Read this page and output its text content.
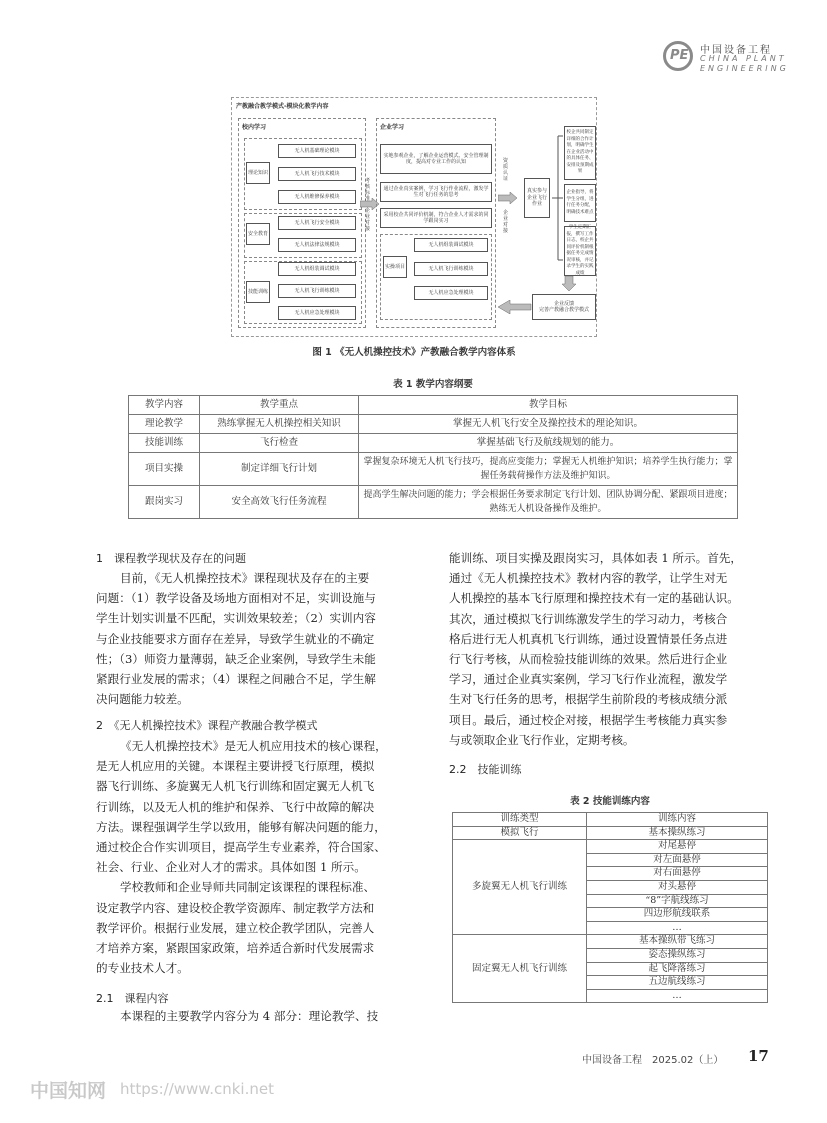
PE 中国设备工程
CHINA PLANT ENGINEERING
产教融合教学模式-模块化教学内容
校内学习
理论知识
无人机基础理论模块
无人机飞行技术模块
无人机维修保养模块
安全教育
无人机飞行安全模块
无人机法律法规模块
技能训练
无人机组装调试模块
无人机飞行训练模块
无人机应急处理模块
考核标准
企业对接
企业学习
实地参观企业，了解企业运营模式、安全管理制度，提高对专业工作的认知
通过企业真实案例，学习飞行作业流程，激发学生对飞行任务的思考
采用校企共同评价机制，符合企业人才需求的同学跟岗实习
实操项目
无人机组装调试模块
无人机飞行训练模块
无人机应急处理模块
资质认证
企业对接
真实参与企业飞行作业
校企共同制定详细的合作计划，明确学生在企业活动中的具体任务、安排及预期成果
企业指导，将学生分组，进行任务分配，明确技术难点
学生定期汇报，撰写工作日志，校企共同评价机制根据任务完成情况审核，并记录学生的实践成绩
企业反馈
完善产教融合教学模式
图 1 《无人机操控技术》产教融合教学内容体系
表 1 教学内容纲要
教学内容	教学重点	教学目标
理论教学	熟练掌握无人机操控相关知识	掌握无人机飞行安全及操控技术的理论知识。
技能训练	飞行检查	掌握基础飞行及航线规划的能力。
项目实操	制定详细飞行计划	掌握复杂环境无人机飞行技巧，提高应变能力；掌握无人机维护知识；培养学生执行能力；掌握任务载荷操作方法及维护知识。
跟岗实习	安全高效飞行任务流程	提高学生解决问题的能力；学会根据任务要求制定飞行计划、团队协调分配、紧跟项目进度；熟练无人机设备操作及维护。
1　课程教学现状及存在的问题
目前，《无人机操控技术》课程现状及存在的主要
问题：（1）教学设备及场地方面相对不足，实训设施与
学生计划实训量不匹配，实训效果较差；（2）实训内容
与企业技能要求方面存在差异，导致学生就业的不确定
性；（3）师资力量薄弱，缺乏企业案例，导致学生未能
紧跟行业发展的需求；（4）课程之间融合不足，学生解
决问题能力较差。
2　《无人机操控技术》课程产教融合教学模式
《无人机操控技术》是无人机应用技术的核心课程，
是无人机应用的关键。本课程主要讲授飞行原理，模拟
器飞行训练、多旋翼无人机飞行训练和固定翼无人机飞
行训练，以及无人机的维护和保养、飞行中故障的解决
方法。课程强调学生学以致用，能够有解决问题的能力，
通过校企合作实训项目，提高学生专业素养，符合国家、
社会、行业、企业对人才的需求。具体如图 1 所示。
学校教师和企业导师共同制定该课程的课程标准、
设定教学内容、建设校企教学资源库、制定教学方法和
教学评价。根据行业发展，建立校企教学团队，完善人
才培养方案，紧跟国家政策，培养适合新时代发展需求
的专业技术人才。
2.1　课程内容
本课程的主要教学内容分为 4 部分：理论教学、技
能训练、项目实操及跟岗实习，具体如表 1 所示。首先，
通过《无人机操控技术》教材内容的教学，让学生对无
人机操控的基本飞行原理和操控技术有一定的基础认识。
其次，通过模拟飞行训练激发学生的学习动力，考核合
格后进行无人机真机飞行训练，通过设置情景任务点进
行飞行考核，从而检验技能训练的效果。然后进行企业
学习，通过企业真实案例，学习飞行作业流程，激发学
生对飞行任务的思考，根据学生前阶段的考核成绩分派
项目。最后，通过校企对接，根据学生考核能力真实参
与或领取企业飞行作业，定期考核。
2.2　技能训练
表 2 技能训练内容
训练类型	训练内容
模拟飞行	基本操纵练习
多旋翼无人机飞行训练	对尾悬停
	对左面悬停
	对右面悬停
	对头悬停
	“8”字航线练习
	四边形航线联系
	…
固定翼无人机飞行训练	基本操纵带飞练习
	姿态操纵练习
	起飞降落练习
	五边航线练习
	…
中国设备工程　2025.02（上） 17
中国知网 https://www.cnki.net
